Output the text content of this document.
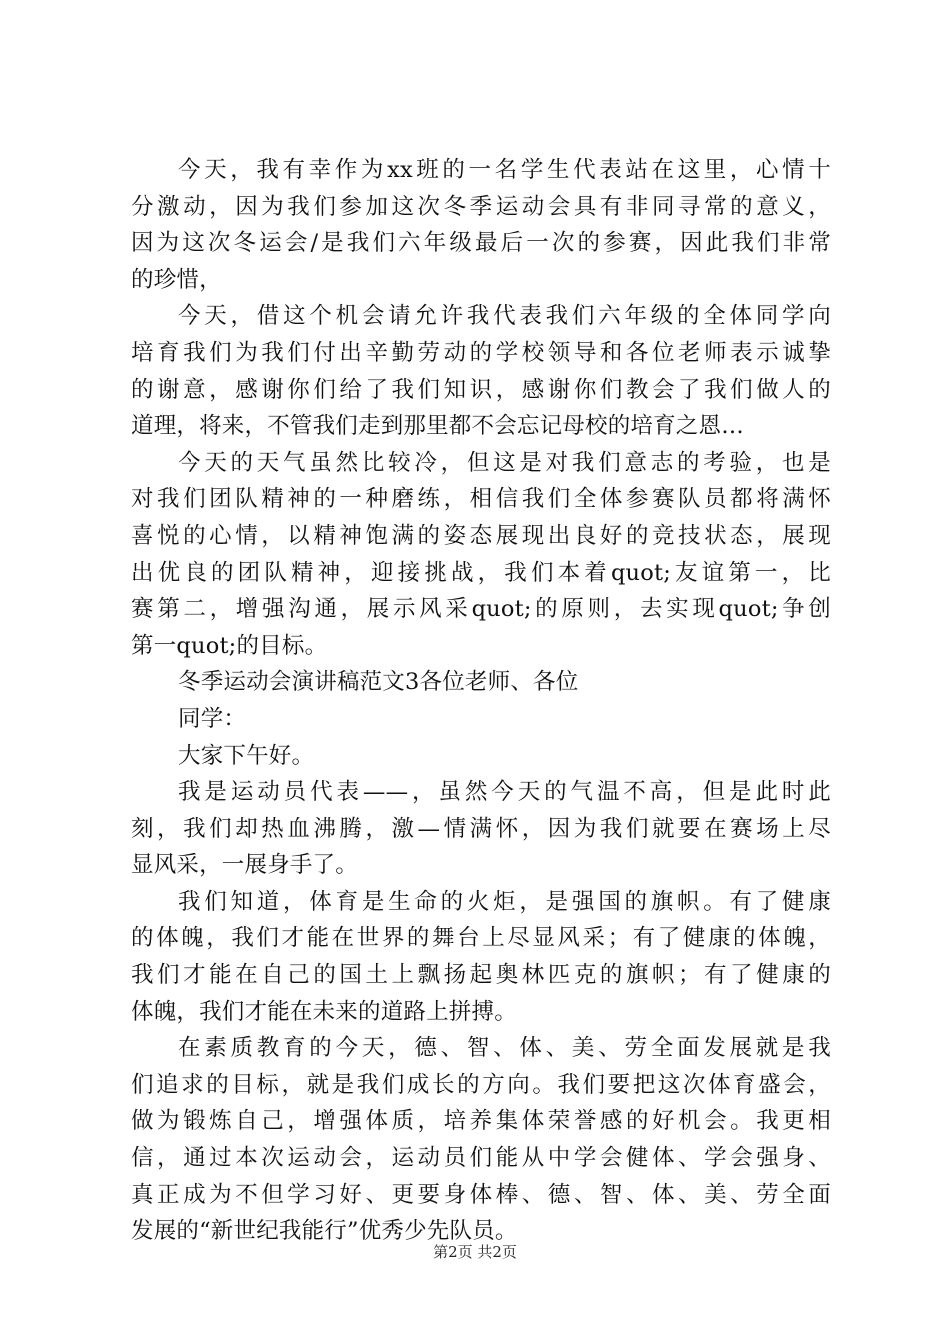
今天，我有幸作为xx班的一名学生代表站在这里，心情十
分激动，因为我们参加这次冬季运动会具有非同寻常的意义，
因为这次冬运会/是我们六年级最后一次的参赛，因此我们非常
的珍惜，
今天，借这个机会请允许我代表我们六年级的全体同学向
培育我们为我们付出辛勤劳动的学校领导和各位老师表示诚挚
的谢意，感谢你们给了我们知识，感谢你们教会了我们做人的
道理，将来，不管我们走到那里都不会忘记母校的培育之恩…
今天的天气虽然比较冷，但这是对我们意志的考验，也是
对我们团队精神的一种磨练，相信我们全体参赛队员都将满怀
喜悦的心情，以精神饱满的姿态展现出良好的竞技状态，展现
出优良的团队精神，迎接挑战，我们本着quot;友谊第一，比
赛第二，增强沟通，展示风采quot;的原则，去实现quot;争创
第一quot;的目标。
冬季运动会演讲稿范文3各位老师、各位
同学：
大家下午好。
我是运动员代表——，虽然今天的气温不高，但是此时此
刻，我们却热血沸腾，激—情满怀，因为我们就要在赛场上尽
显风采，一展身手了。
我们知道，体育是生命的火炬，是强国的旗帜。有了健康
的体魄，我们才能在世界的舞台上尽显风采；有了健康的体魄，
我们才能在自己的国土上飘扬起奥林匹克的旗帜；有了健康的
体魄，我们才能在未来的道路上拼搏。
在素质教育的今天，德、智、体、美、劳全面发展就是我
们追求的目标，就是我们成长的方向。我们要把这次体育盛会，
做为锻炼自己，增强体质，培养集体荣誉感的好机会。我更相
信，通过本次运动会，运动员们能从中学会健体、学会强身、
真正成为不但学习好、更要身体棒、德、智、体、美、劳全面
发展的“新世纪我能行”优秀少先队员。
第2页 共2页
